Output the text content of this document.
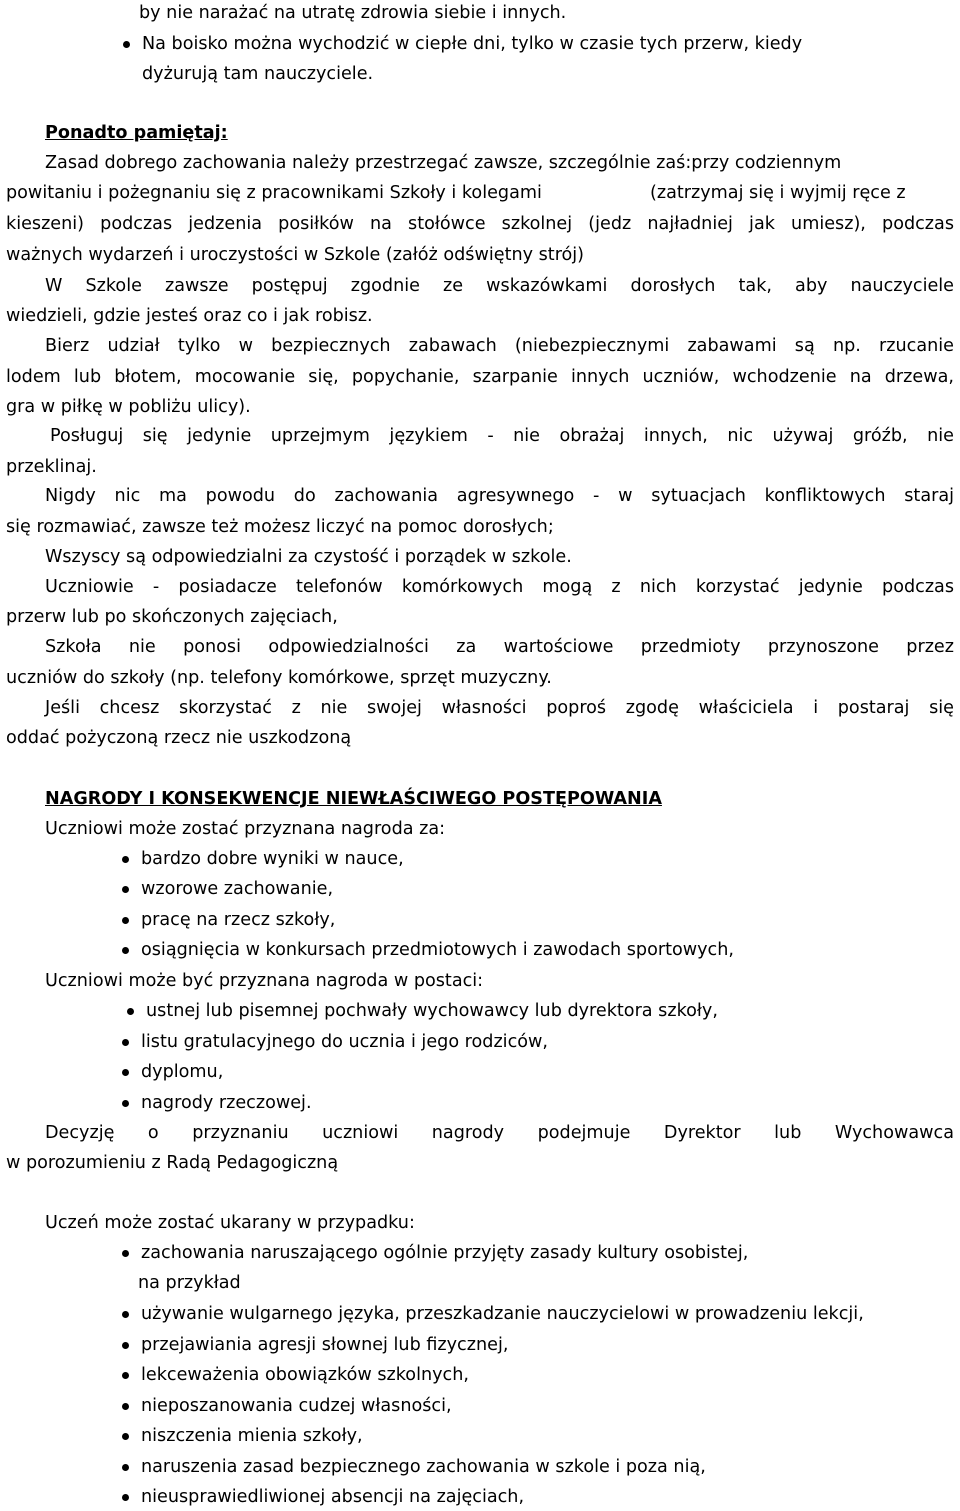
by nie narażać na utratę zdrowia siebie i innych.
Na boisko można wychodzić w ciepłe dni, tylko w czasie tych przerw, kiedy
dyżurują tam nauczyciele.
Ponadto pamiętaj:
Zasad dobrego zachowania należy przestrzegać zawsze, szczególnie zaś:przy codziennym
powitaniu i pożegnaniu się z pracownikami Szkoły i kolegami	(zatrzymaj się i wyjmij ręce z
kieszeni) podczas jedzenia posiłków na stołówce szkolnej (jedz najładniej jak umiesz), podczas
ważnych wydarzeń i uroczystości w Szkole (załóż odświętny strój)
W Szkole zawsze postępuj zgodnie ze wskazówkami dorosłych tak, aby nauczyciele
wiedzieli, gdzie jesteś oraz co i jak robisz.
Bierz udział tylko w bezpiecznych zabawach (niebezpiecznymi zabawami są np. rzucanie
lodem lub błotem, mocowanie się, popychanie, szarpanie innych uczniów, wchodzenie na drzewa,
gra w piłkę w pobliżu ulicy).
Posługuj się jedynie uprzejmym językiem - nie obrażaj innych, nic używaj gróźb, nie
przeklinaj.
Nigdy nic ma powodu do zachowania agresywnego - w sytuacjach konfliktowych staraj
się rozmawiać, zawsze też możesz liczyć na pomoc dorosłych;
Wszyscy są odpowiedzialni za czystość i porządek w szkole.
Uczniowie - posiadacze telefonów komórkowych mogą z nich korzystać jedynie podczas
przerw lub po skończonych zajęciach,
Szkoła nie ponosi odpowiedzialności za wartościowe przedmioty przynoszone przez
uczniów do szkoły (np. telefony komórkowe, sprzęt muzyczny.
Jeśli chcesz skorzystać z nie swojej własności poproś zgodę właściciela i postaraj się
oddać pożyczoną rzecz nie uszkodzoną
NAGRODY I KONSEKWENCJE NIEWŁAŚCIWEGO POSTĘPOWANIA
Uczniowi może zostać przyznana nagroda za:
bardzo dobre wyniki w nauce,
wzorowe zachowanie,
pracę na rzecz szkoły,
osiągnięcia w konkursach przedmiotowych i zawodach sportowych,
Uczniowi może być przyznana nagroda w postaci:
ustnej lub pisemnej pochwały wychowawcy lub dyrektora szkoły,
listu gratulacyjnego do ucznia i jego rodziców,
dyplomu,
nagrody rzeczowej.
Decyzję o przyznaniu uczniowi nagrody podejmuje Dyrektor lub Wychowawca
w porozumieniu z Radą Pedagogiczną
Uczeń może zostać ukarany w przypadku:
zachowania naruszającego ogólnie przyjęty zasady kultury osobistej,
na przykład
używanie wulgarnego języka, przeszkadzanie nauczycielowi w prowadzeniu lekcji,
przejawiania agresji słownej lub fizycznej,
lekceważenia obowiązków szkolnych,
nieposzanowania cudzej własności,
niszczenia mienia szkoły,
naruszenia zasad bezpiecznego zachowania w szkole i poza nią,
nieusprawiedliwionej absencji na zajęciach,
